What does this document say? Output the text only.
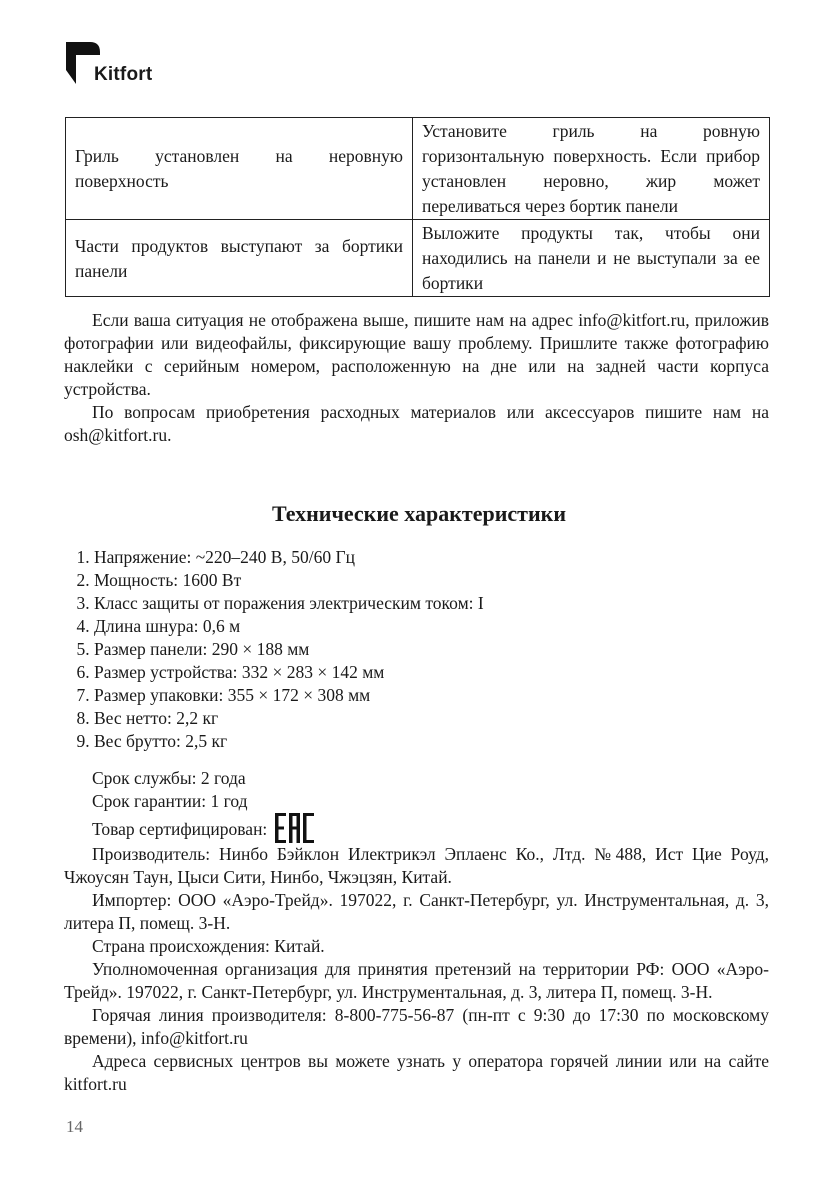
Kitfort
Гриль установлен на неровную поверхность	Установите гриль на ровную горизонтальную поверхность. Если прибор установлен неровно, жир может переливаться через бортик панели
Части продуктов выступают за бортики панели	Выложите продукты так, чтобы они находились на панели и не выступали за ее бортики

Если ваша ситуация не отображена выше, пишите нам на адрес info@kitfort.ru, приложив фотографии или видеофайлы, фиксирующие вашу проблему. Пришлите также фотографию наклейки с серийным номером, расположенную на дне или на задней части корпуса устройства.

По вопросам приобретения расходных материалов или аксессуаров пишите нам на osh@kitfort.ru.

Технические характеристики
1. Напряжение: ~220–240 В, 50/60 Гц
2. Мощность: 1600 Вт
3. Класс защиты от поражения электрическим током: I
4. Длина шнура: 0,6 м
5. Размер панели: 290 × 188 мм
6. Размер устройства: 332 × 283 × 142 мм
7. Размер упаковки: 355 × 172 × 308 мм
8. Вес нетто: 2,2 кг
9. Вес брутто: 2,5 кг

Срок службы: 2 года

Срок гарантии: 1 год

Товар сертифицирован:

Производитель: Нинбо Бэйклон Илектрикэл Эплаенс Ко., Лтд. №488, Ист Цие Роуд, Чжоусян Таун, Цыси Сити, Нинбо, Чжэцзян, Китай.

Импортер: ООО «Аэро-Трейд». 197022, г. Санкт-Петербург, ул. Инструментальная, д. 3, литера П, помещ. 3-Н.

Страна происхождения: Китай.

Уполномоченная организация для принятия претензий на территории РФ: ООО «Аэро-Трейд». 197022, г. Санкт-Петербург, ул. Инструментальная, д. 3, литера П, помещ. 3-Н.

Горячая линия производителя: 8-800-775-56-87 (пн-пт с 9:30 до 17:30 по московскому времени), info@kitfort.ru

Адреса сервисных центров вы можете узнать у оператора горячей линии или на сайте kitfort.ru

14
